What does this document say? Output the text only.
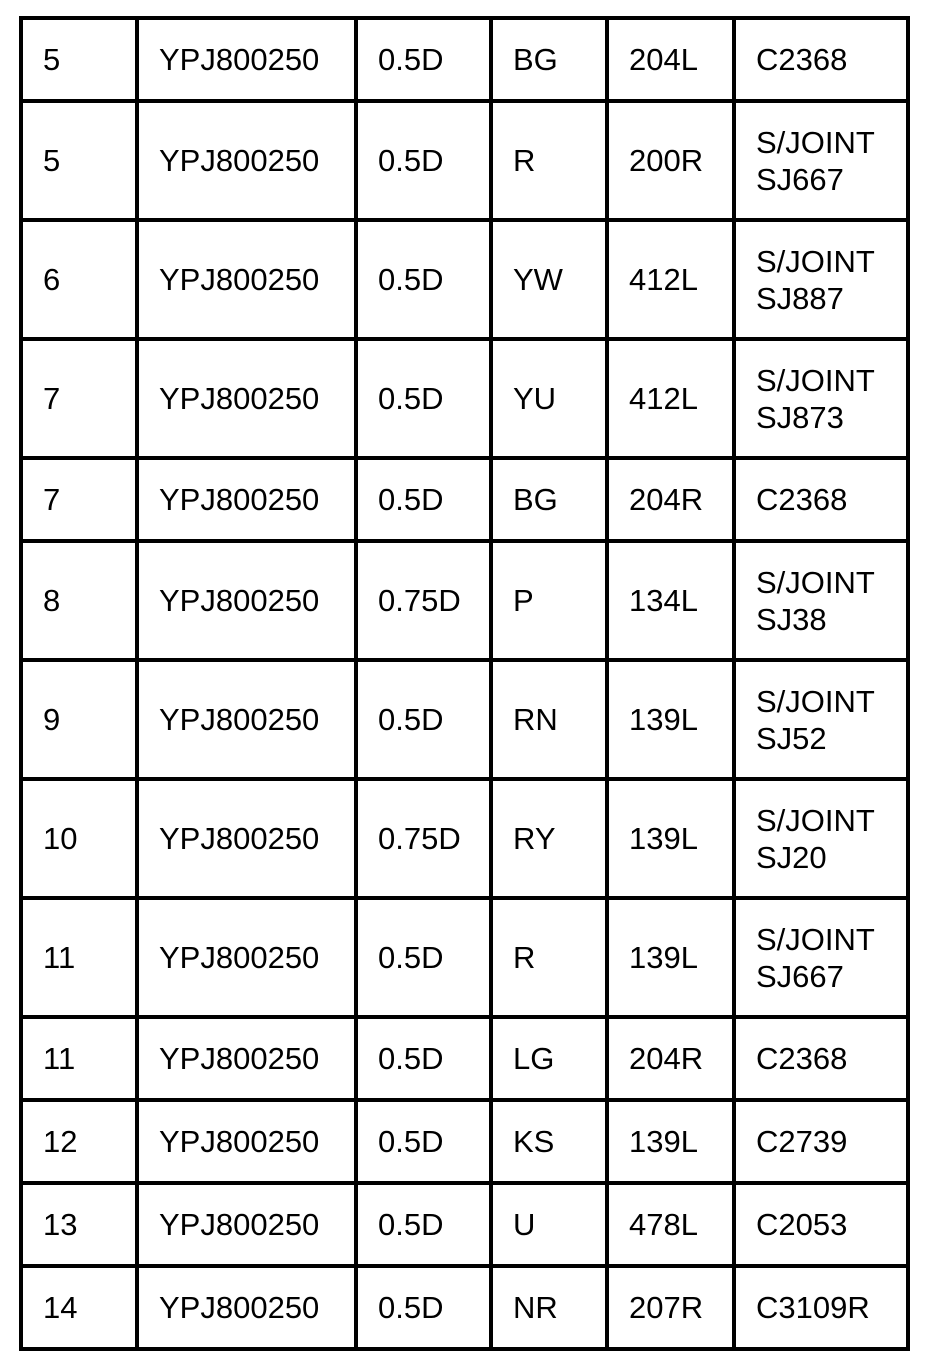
5	YPJ800250	0.5D	BG	204L	C2368
5	YPJ800250	0.5D	R	200R	S/JOINT
SJ667

6	YPJ800250	0.5D	YW	412L	S/JOINT
SJ887

7	YPJ800250	0.5D	YU	412L	S/JOINT
SJ873

7	YPJ800250	0.5D	BG	204R	C2368
8	YPJ800250	0.75D	P	134L	S/JOINT
SJ38

9	YPJ800250	0.5D	RN	139L	S/JOINT
SJ52

10	YPJ800250	0.75D	RY	139L	S/JOINT
SJ20

11	YPJ800250	0.5D	R	139L	S/JOINT
SJ667

11	YPJ800250	0.5D	LG	204R	C2368
12	YPJ800250	0.5D	KS	139L	C2739
13	YPJ800250	0.5D	U	478L	C2053
14	YPJ800250	0.5D	NR	207R	C3109R
